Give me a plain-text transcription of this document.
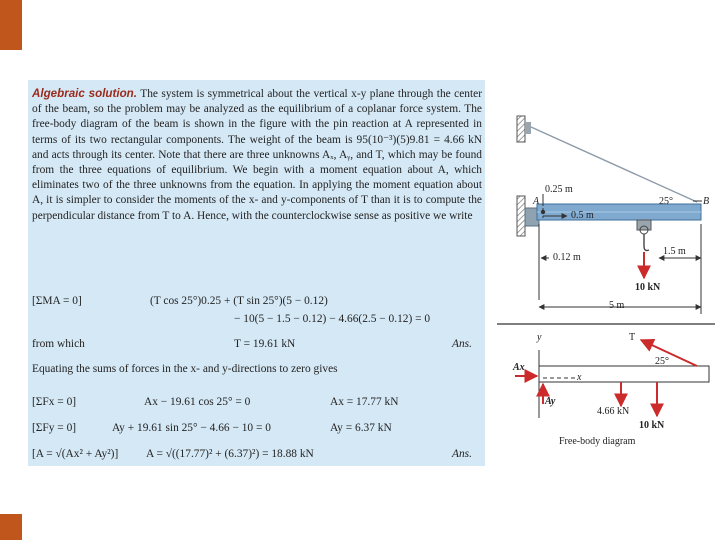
Algebraic solution. The system is symmetrical about the vertical x-y plane through the center of the beam, so the problem may be analyzed as the equilibrium of a coplanar force system. The free-body diagram of the beam is shown in the figure with the pin reaction at A represented in terms of its two rectangular components. The weight of the beam is 95(10⁻³)(5)9.81 = 4.66 kN and acts through its center. Note that there are three unknowns Aₓ, Aᵧ, and T, which may be found from the three equations of equilibrium. We begin with a moment equation about A, which eliminates two of the three unknowns from the equation. In applying the moment equation about A, it is simpler to consider the moments of the x- and y-components of T than it is to compute the perpendicular distance from T to A. Hence, with the counterclockwise sense as positive we write
[ΣMA = 0]	(T cos 25°)0.25 + (T sin 25°)(5 − 0.12)
− 10(5 − 1.5 − 0.12) − 4.66(2.5 − 0.12) = 0
from which	T = 19.61 kN	Ans.
Equating the sums of forces in the x- and y-directions to zero gives
[ΣFx = 0]	Ax − 19.61 cos 25° = 0	Ax = 17.77 kN
[ΣFy = 0]	Ay + 19.61 sin 25° − 4.66 − 10 = 0	Ay = 6.37 kN
[A = √(Ax² + Ay²)] A = √((17.77)² + (6.37)²) = 18.88 kN	Ans.
0.25 m
A	B
25°
0.5 m
0.12 m
1.5 m
10 kN
5 m
y	T
25°
Ax
x
Ay
4.66 kN
10 kN
Free-body diagram
